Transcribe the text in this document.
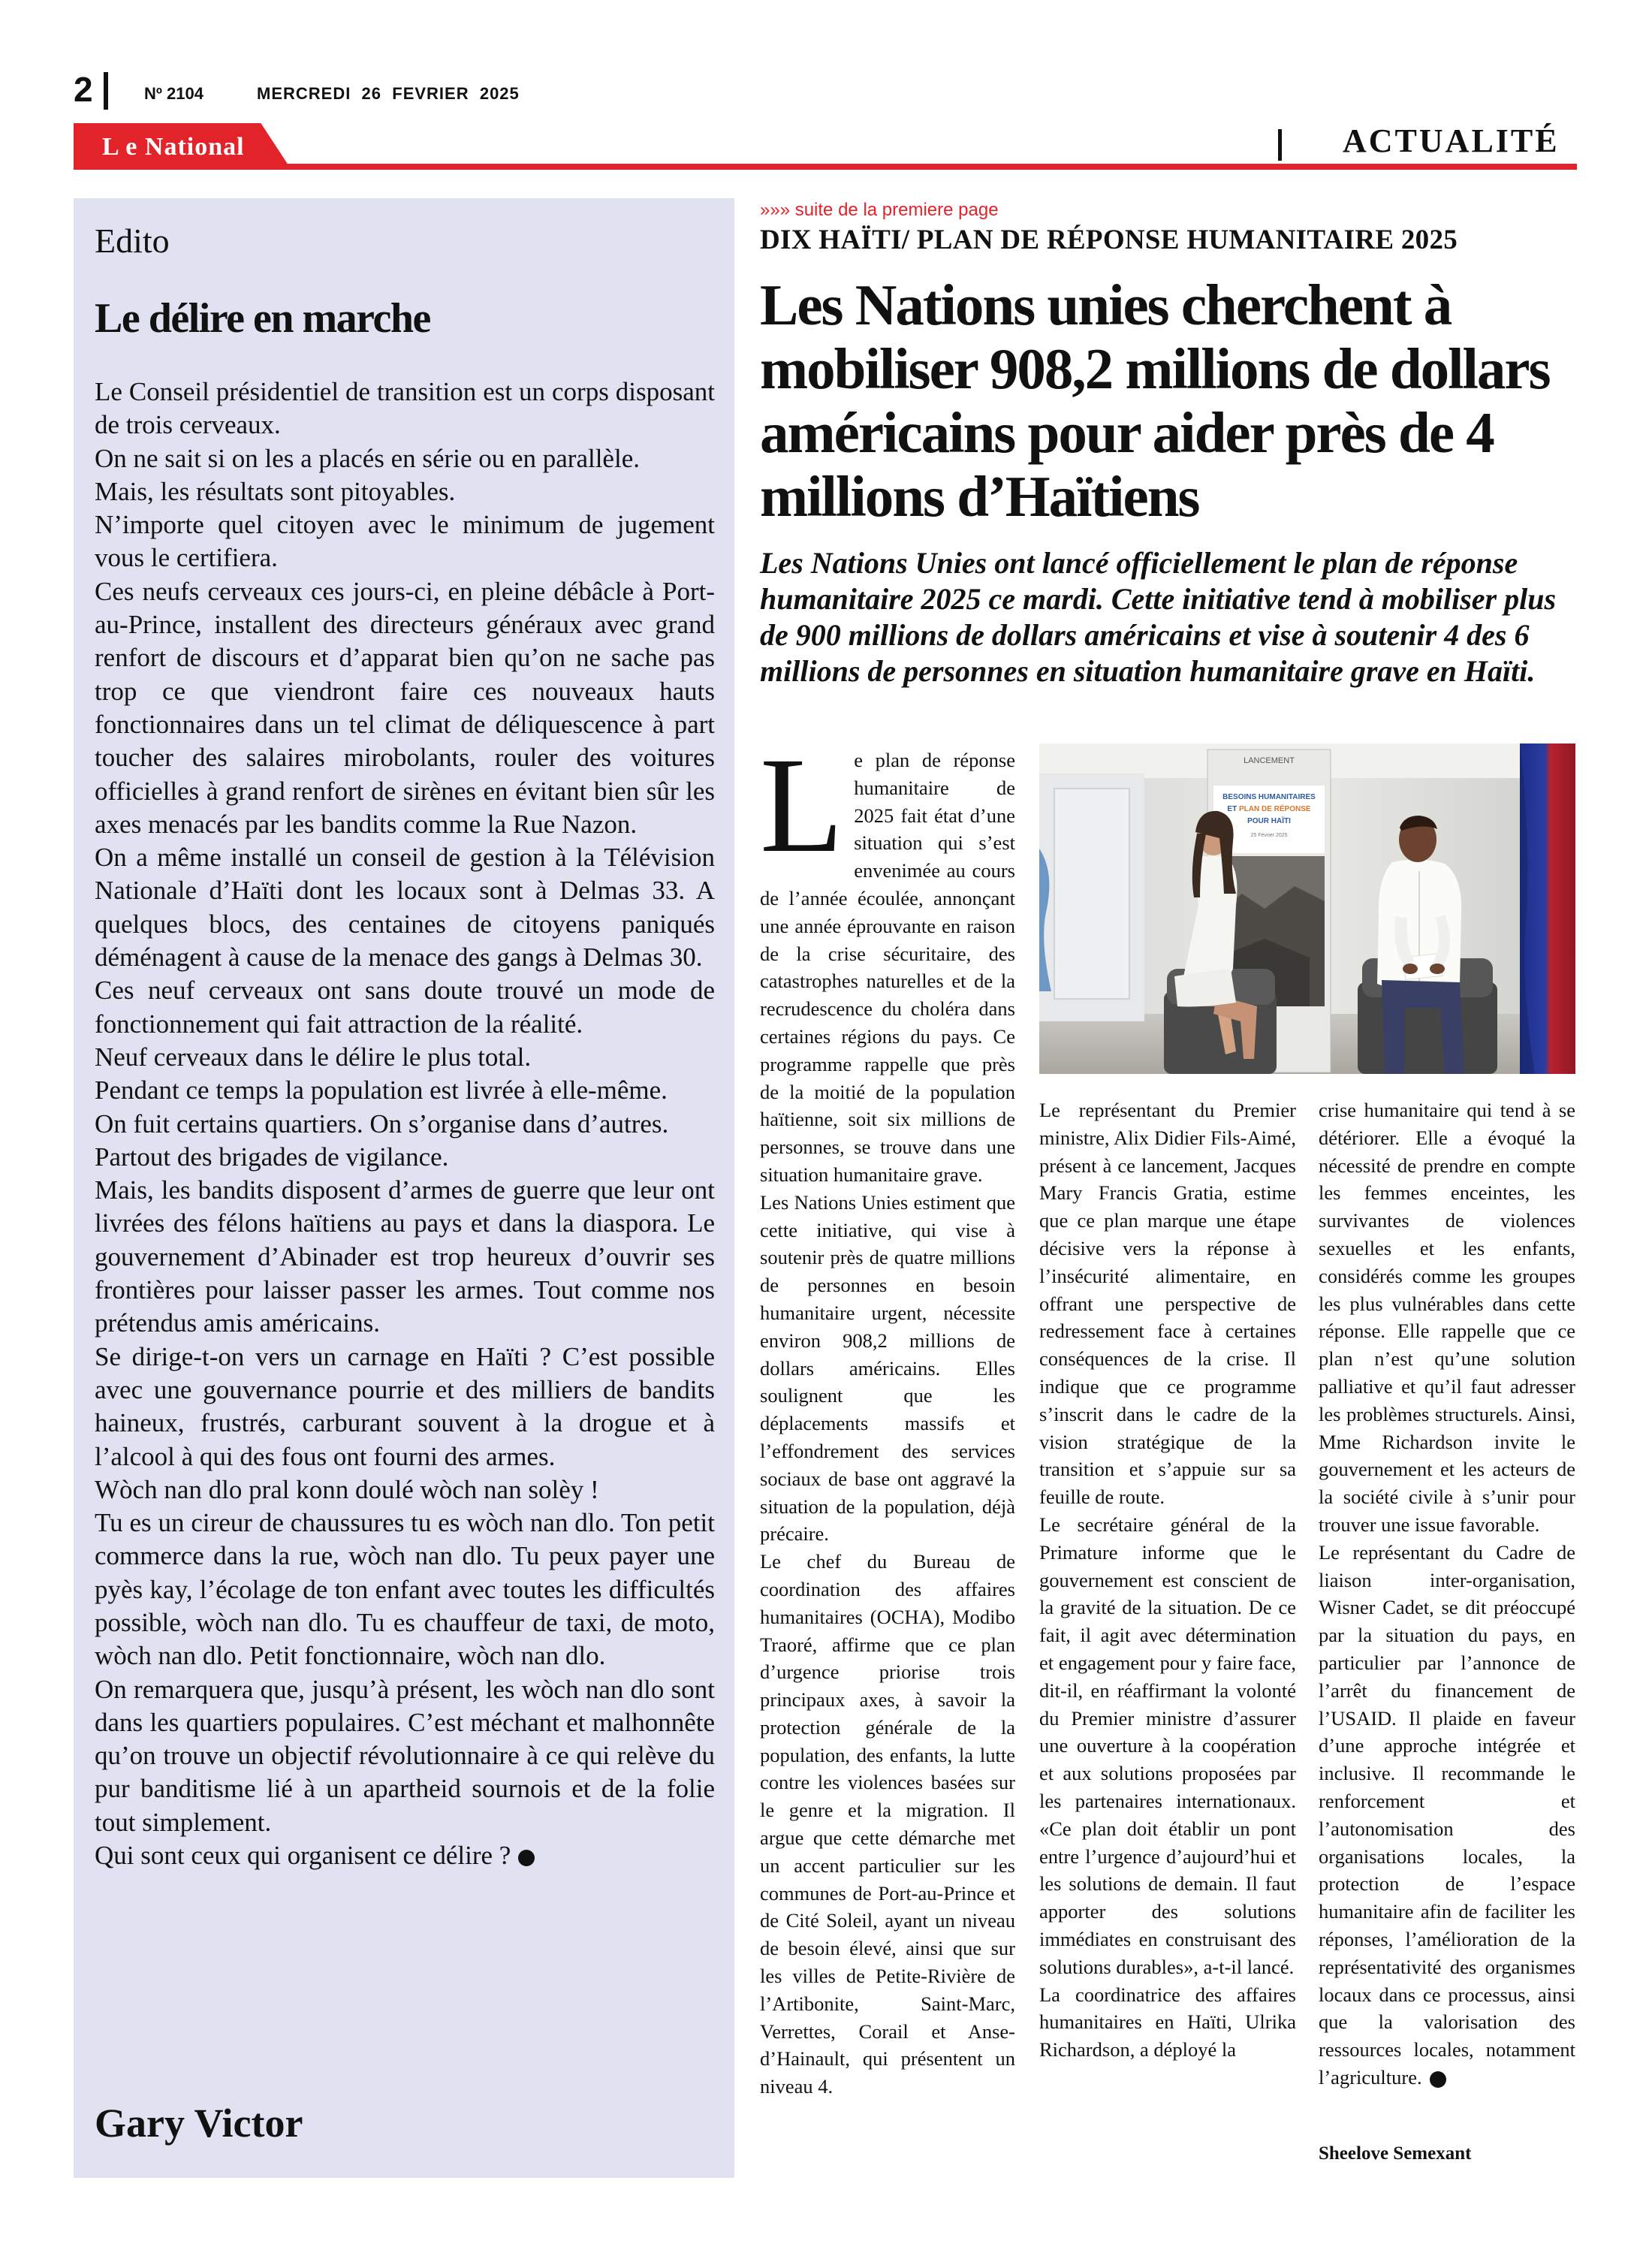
2	Nº 2104	MERCREDI  26  FEVRIER  2025
L e National	ACTUALITÉ
Edito
Le délire en marche

Le Conseil présidentiel de transition est un corps disposant de trois cerveaux.

On ne sait si on les a placés en série ou en parallèle.

Mais, les résultats sont pitoyables.

N’importe quel citoyen avec le minimum de jugement vous le certifiera.

Ces neufs cerveaux ces jours-ci, en pleine débâcle à Port-au-Prince, installent des directeurs généraux avec grand renfort de discours et d’apparat bien qu’on ne sache pas trop ce que viendront faire ces nouveaux hauts fonctionnaires dans un tel climat de déliquescence à part toucher des salaires mirobolants, rouler des voitures officielles à grand renfort de sirènes en évitant bien sûr les axes menacés par les bandits comme la Rue Nazon.

On a même installé un conseil de gestion à la Télévision Nationale d’Haïti dont les locaux sont à Delmas 33. A quelques blocs, des centaines de citoyens paniqués déménagent à cause de la menace des gangs à Delmas 30.

Ces neuf cerveaux ont sans doute trouvé un mode de fonctionnement qui fait attraction de la réalité.

Neuf cerveaux dans le délire le plus total.

Pendant ce temps la population est livrée à elle-même.

On fuit certains quartiers. On s’organise dans d’autres.

Partout des brigades de vigilance.

Mais, les bandits disposent d’armes de guerre que leur ont livrées des félons haïtiens au pays et dans la diaspora. Le gouvernement d’Abinader est trop heureux d’ouvrir ses frontières pour laisser passer les armes. Tout comme nos prétendus amis américains.

Se dirige-t-on vers un carnage en Haïti ? C’est possible avec une gouvernance pourrie et des milliers de bandits haineux, frustrés, carburant souvent à la drogue et à l’alcool à qui des fous ont fourni des armes.

Wòch nan dlo pral konn doulé wòch nan solèy !

Tu es un cireur de chaussures tu es wòch nan dlo. Ton petit commerce dans la rue, wòch nan dlo. Tu peux payer une pyès kay, l’écolage de ton enfant avec toutes les difficultés possible, wòch nan dlo. Tu es chauffeur de taxi, de moto, wòch nan dlo. Petit fonctionnaire, wòch nan dlo.

On remarquera que, jusqu’à présent, les wòch nan dlo sont dans les quartiers populaires. C’est méchant et malhonnête qu’on trouve un objectif révolutionnaire à ce qui relève du pur banditisme lié à un apartheid sournois et de la folie tout simplement.

Qui sont ceux qui organisent ce délire ?

Gary Victor
»»» suite de la premiere page
DIX HAÏTI/ PLAN DE RÉPONSE HUMANITAIRE 2025
Les Nations unies cherchent à mobiliser 908,2 millions de dollars américains pour aider près de 4 millions d’Haïtiens

Les Nations Unies ont lancé officiellement le plan de réponse humanitaire 2025 ce mardi. Cette initiative tend à mobiliser plus de 900 millions de dollars américains et vise à soutenir 4 des 6 millions de personnes en situation humanitaire grave en Haïti.

LANCEMENT
BESOINS HUMANITAIRES
ET PLAN DE RÉPONSE
POUR HAÏTI
25 Février 2025

Le plan de réponse humanitaire de 2025 fait état d’une situation qui s’est envenimée au cours de l’année écoulée, annonçant une année éprouvante en raison de la crise sécuritaire, des catastrophes naturelles et de la recrudescence du choléra dans certaines régions du pays. Ce programme rappelle que près de la moitié de la population haïtienne, soit six millions de personnes, se trouve dans une situation humanitaire grave.

Les Nations Unies estiment que cette initiative, qui vise à soutenir près de quatre millions de personnes en besoin humanitaire urgent, nécessite environ 908,2 millions de dollars américains. Elles soulignent que les déplacements massifs et l’effondrement des services sociaux de base ont aggravé la situation de la population, déjà précaire.

Le chef du Bureau de coordination des affaires humanitaires (OCHA), Modibo Traoré, affirme que ce plan d’urgence priorise trois principaux axes, à savoir la protection générale de la population, des enfants, la lutte contre les violences basées sur le genre et la migration. Il argue que cette démarche met un accent particulier sur les communes de Port-au-Prince et de Cité Soleil, ayant un niveau de besoin élevé, ainsi que sur les villes de Petite-Rivière de l’Artibonite, Saint-Marc, Verrettes, Corail et Anse-d’Hainault, qui présentent un niveau 4.

Le représentant du Premier ministre, Alix Didier Fils-Aimé, présent à ce lancement, Jacques Mary Francis Gratia, estime que ce plan marque une étape décisive vers la réponse à l’insécurité alimentaire, en offrant une perspective de redressement face à certaines conséquences de la crise. Il indique que ce programme s’inscrit dans le cadre de la vision stratégique de la transition et s’appuie sur sa feuille de route.

Le secrétaire général de la Primature informe que le gouvernement est conscient de la gravité de la situation. De ce fait, il agit avec détermination et engagement pour y faire face, dit-il, en réaffirmant la volonté du Premier ministre d’assurer une ouverture à la coopération et aux solutions proposées par les partenaires internationaux. «Ce plan doit établir un pont entre l’urgence d’aujourd’hui et les solutions de demain. Il faut apporter des solutions immédiates en construisant des solutions durables», a-t-il lancé.

La coordinatrice des affaires humanitaires en Haïti, Ulrika Richardson, a déployé la

crise humanitaire qui tend à se détériorer. Elle a évoqué la nécessité de prendre en compte les femmes enceintes, les survivantes de violences sexuelles et les enfants, considérés comme les groupes les plus vulnérables dans cette réponse. Elle rappelle que ce plan n’est qu’une solution palliative et qu’il faut adresser les problèmes structurels. Ainsi, Mme Richardson invite le gouvernement et les acteurs de la société civile à s’unir pour trouver une issue favorable.

Le représentant du Cadre de liaison inter-organisation, Wisner Cadet, se dit préoccupé par la situation du pays, en particulier par l’annonce de l’arrêt du financement de l’USAID. Il plaide en faveur d’une approche intégrée et inclusive. Il recommande le renforcement et l’autonomisation des organisations locales, la protection de l’espace humanitaire afin de faciliter les réponses, l’amélioration de la représentativité des organismes locaux dans ce processus, ainsi que la valorisation des ressources locales, notamment l’agriculture.

Sheelove Semexant
